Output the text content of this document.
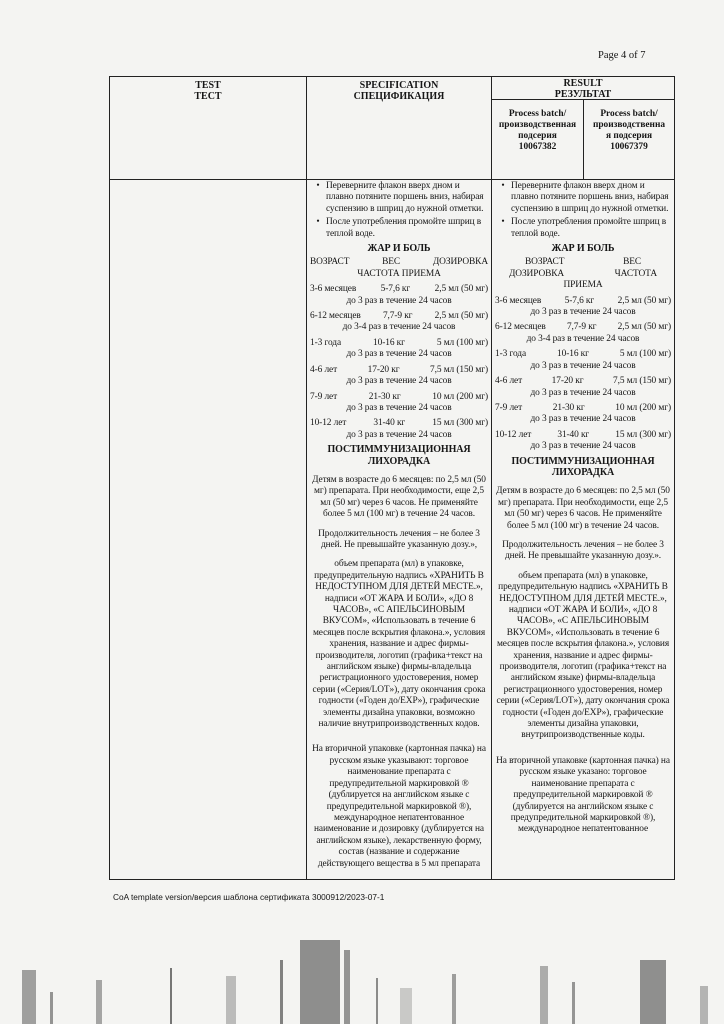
Page 4 of 7
TEST
ТЕСТ
SPECIFICATION
СПЕЦИФИКАЦИЯ
RESULT
РЕЗУЛЬТАТ
Process batch/
производственная
подсерия
10067382
Process batch/
производственна
я подсерия
10067379
• Переверните флакон вверх дном и плавно потяните поршень вниз, набирая суспензию в шприц до нужной отметки.
• После употребления промойте шприц в теплой воде.

ЖАР И БОЛЬ

ВОЗРАСТ	ВЕС	ДОЗИРОВКА

ЧАСТОТА ПРИЕМА

3-6 месяцев	5-7,6 кг	2,5 мл (50 мг)

до 3 раз в течение 24 часов

6-12 месяцев 7,7-9 кг 2,5 мл (50 мг)

до 3-4 раз в течение 24 часов

1-3 года	10-16 кг	5 мл (100 мг)

до 3 раз в течение 24 часов

4-6 лет	17-20 кг	7,5 мл (150 мг)

до 3 раз в течение 24 часов

7-9 лет	21-30 кг	10 мл (200 мг)

до 3 раз в течение 24 часов

10-12 лет	31-40 кг	15 мл (300 мг)

до 3 раз в течение 24 часов

ПОСТИММУНИЗАЦИОННАЯ ЛИХОРАДКА

Детям в возрасте до 6 месяцев: по 2,5 мл (50 мг) препарата. При необходимости, еще 2,5 мл (50 мг) через 6 часов. Не применяйте более 5 мл (100 мг) в течение 24 часов.

Продолжительность лечения – не более 3 дней. Не превышайте указанную дозу.»,

объем препарата (мл) в упаковке, предупредительную надпись «ХРАНИТЬ В НЕДОСТУПНОМ ДЛЯ ДЕТЕЙ МЕСТЕ.», надписи «ОТ ЖАРА И БОЛИ», «ДО 8 ЧАСОВ», «С АПЕЛЬСИНОВЫМ ВКУСОМ», «Использовать в течение 6 месяцев после вскрытия флакона.», условия хранения, название и адрес фирмы-производителя, логотип (графика+текст на английском языке) фирмы-владельца регистрационного удостоверения, номер серии («Серия/LOT»), дату окончания срока годности («Годен до/EXP»), графические элементы дизайна упаковки, возможно наличие внутрипроизводственных кодов.

На вторичной упаковке (картонная пачка) на русском языке указывают: торговое наименование препарата с предупредительной маркировкой ® (дублируется на английском языке с предупредительной маркировкой ®), международное непатентованное наименование и дозировку (дублируется на английском языке), лекарственную форму, состав (название и содержание действующего вещества в 5 мл препарата

• Переверните флакон вверх дном и плавно потяните поршень вниз, набирая суспензию в шприц до нужной отметки.
• После употребления промойте шприц в теплой воде.

ЖАР И БОЛЬ

ВОЗРАСТ	ВЕС
ДОЗИРОВКА	ЧАСТОТА

ПРИЕМА

3-6 месяцев	5-7,6 кг	2,5 мл (50 мг)

до 3 раз в течение 24 часов

6-12 месяцев 7,7-9 кг 2,5 мл (50 мг)

до 3-4 раз в течение 24 часов

1-3 года	10-16 кг	5 мл (100 мг)

до 3 раз в течение 24 часов

4-6 лет	17-20 кг	7,5 мл (150 мг)

до 3 раз в течение 24 часов

7-9 лет	21-30 кг	10 мл (200 мг)

до 3 раз в течение 24 часов

10-12 лет	31-40 кг	15 мл (300 мг)

до 3 раз в течение 24 часов

ПОСТИММУНИЗАЦИОННАЯ ЛИХОРАДКА

Детям в возрасте до 6 месяцев: по 2,5 мл (50 мг) препарата. При необходимости, еще 2,5 мл (50 мг) через 6 часов. Не применяйте более 5 мл (100 мг) в течение 24 часов.

Продолжительность лечения – не более 3 дней. Не превышайте указанную дозу.».

объем препарата (мл) в упаковке, предупредительную надпись «ХРАНИТЬ В НЕДОСТУПНОМ ДЛЯ ДЕТЕЙ МЕСТЕ.», надписи «ОТ ЖАРА И БОЛИ», «ДО 8 ЧАСОВ», «С АПЕЛЬСИНОВЫМ ВКУСОМ», «Использовать в течение 6 месяцев после вскрытия флакона.», условия хранения, название и адрес фирмы-производителя, логотип (графика+текст на английском языке) фирмы-владельца регистрационного удостоверения, номер серии («Серия/LOT»), дату окончания срока годности («Годен до/EXP»), графические элементы дизайна упаковки, внутрипроизводственные коды.

На вторичной упаковке (картонная пачка) на русском языке указано: торговое наименование препарата с предупредительной маркировкой ® (дублируется на английском языке с предупредительной маркировкой ®), международное непатентованное

CoA template version/версия шаблона сертификата 3000912/2023-07-1
